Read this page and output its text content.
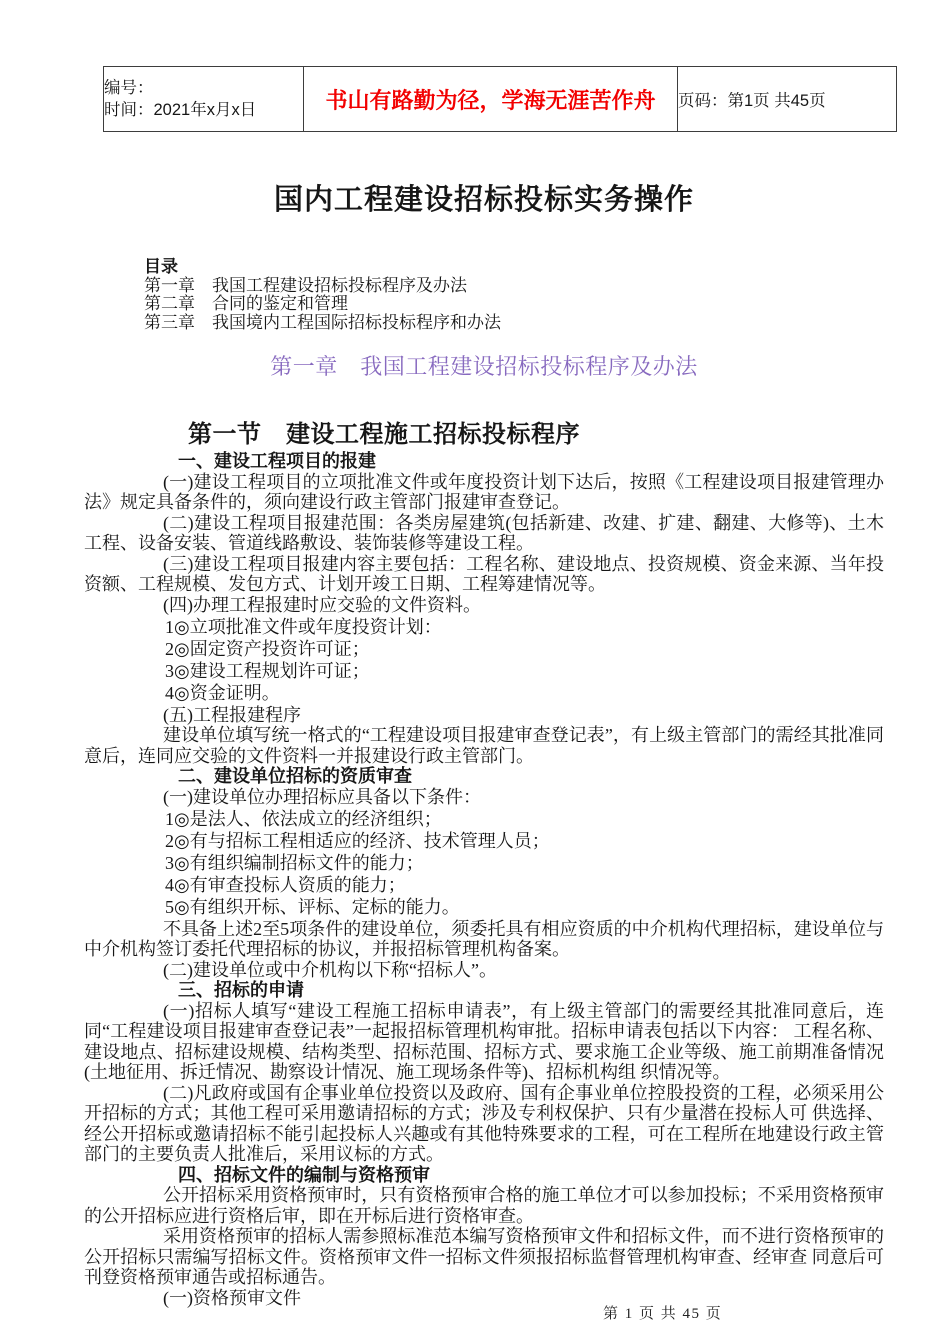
编号：
时间：2021年x月x日	书山有路勤为径，学海无涯苦作舟	页码：第1页 共45页
国内工程建设招标投标实务操作
目录
第一章　我国工程建设招标投标程序及办法
第二章　合同的鉴定和管理
第三章　我国境内工程国际招标投标程序和办法
第一章　我国工程建设招标投标程序及办法
第一节　建设工程施工招标投标程序

一、建设工程项目的报建

(一)建设工程项目的立项批准文件或年度投资计划下达后，按照《工程建设项目报建管理办法》规定具备条件的，须向建设行政主管部门报建审查登记。

(二)建设工程项目报建范围：各类房屋建筑(包括新建、改建、扩建、翻建、大修等)、土木工程、设备安装、管道线路敷设、装饰装修等建设工程。

(三)建设工程项目报建内容主要包括：工程名称、建设地点、投资规模、资金来源、当年投资额、工程规模、发包方式、计划开竣工日期、工程筹建情况等。

(四)办理工程报建时应交验的文件资料。

1◎立项批准文件或年度投资计划：

2◎固定资产投资许可证；

3◎建设工程规划许可证；

4◎资金证明。

(五)工程报建程序

建设单位填写统一格式的“工程建设项目报建审查登记表”，有上级主管部门的需经其批准同意后，连同应交验的文件资料一并报建设行政主管部门。

二、建设单位招标的资质审查

(一)建设单位办理招标应具备以下条件：

1◎是法人、依法成立的经济组织；

2◎有与招标工程相适应的经济、技术管理人员；

3◎有组织编制招标文件的能力；

4◎有审查投标人资质的能力；

5◎有组织开标、评标、定标的能力。

不具备上述2至5项条件的建设单位，须委托具有相应资质的中介机构代理招标，建设单位与中介机构签订委托代理招标的协议，并报招标管理机构备案。

(二)建设单位或中介机构以下称“招标人”。

三、招标的申请

(一)招标人填写“建设工程施工招标申请表”，有上级主管部门的需要经其批准同意后，连同“工程建设项目报建审查登记表”一起报招标管理机构审批。招标申请表包括以下内容： 工程名称、建设地点、招标建设规模、结构类型、招标范围、招标方式、要求施工企业等级、施工前期准备情况(土地征用、拆迁情况、勘察设计情况、施工现场条件等)、招标机构组 织情况等。

(二)凡政府或国有企事业单位投资以及政府、国有企事业单位控股投资的工程，必须采用公开招标的方式；其他工程可采用邀请招标的方式；涉及专利权保护、只有少量潜在投标人可 供选择、经公开招标或邀请招标不能引起投标人兴趣或有其他特殊要求的工程，可在工程所在地建设行政主管部门的主要负责人批准后，采用议标的方式。

四、招标文件的编制与资格预审

公开招标采用资格预审时，只有资格预审合格的施工单位才可以参加投标；不采用资格预审的公开招标应进行资格后审，即在开标后进行资格审查。

采用资格预审的招标人需参照标准范本编写资格预审文件和招标文件，而不进行资格预审的公开招标只需编写招标文件。资格预审文件一招标文件须报招标监督管理机构审查、经审查 同意后可刊登资格预审通告或招标通告。

(一)资格预审文件

第 1 页 共 45 页
